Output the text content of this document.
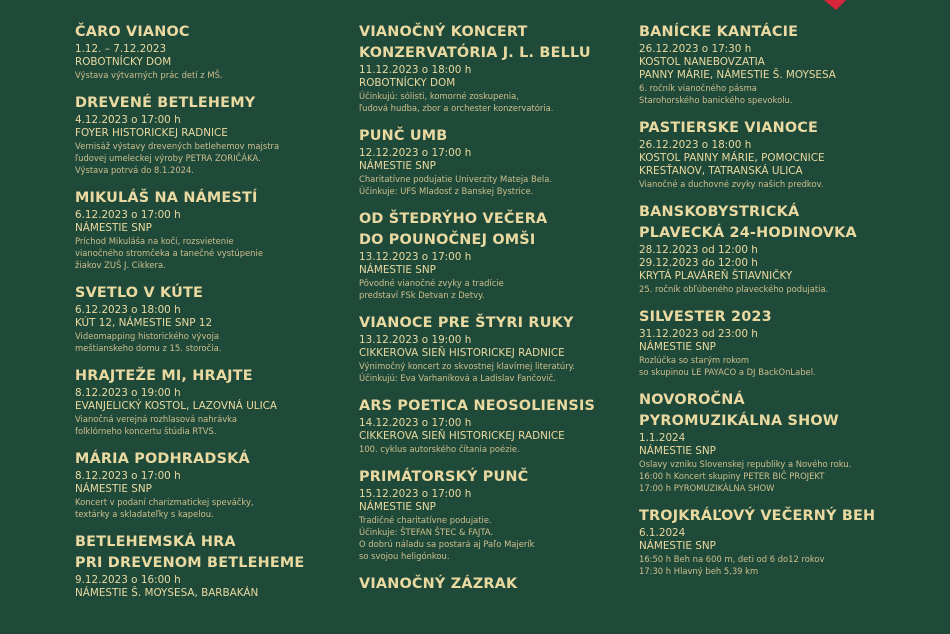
ČARO VIANOC
1.12. – 7.12.2023
ROBOTNÍCKY DOM
Výstava výtvarných prác detí z MŠ.
DREVENÉ BETLEHEMY
4.12.2023 o 17:00 h
FOYER HISTORICKEJ RADNICE
Vernisáž výstavy drevených betlehemov majstra
ľudovej umeleckej výroby PETRA ZORIČÁKA.
Výstava potrvá do 8.1.2024.
MIKULÁŠ NA NÁMESTÍ
6.12.2023 o 17:00 h
NÁMESTIE SNP
Príchod Mikuláša na koči, rozsvietenie
vianočného stromčeka a tanečné vystúpenie
žiakov ZUŠ J. Cikkera.
SVETLO V KÚTE
6.12.2023 o 18:00 h
KÚT 12, NÁMESTIE SNP 12
Videomapping historického vývoja
meštianskeho domu z 15. storočia.
HRAJTEŽE MI, HRAJTE
8.12.2023 o 19:00 h
EVANJELICKÝ KOSTOL, LAZOVNÁ ULICA
Vianočná verejná rozhlasová nahrávka
folklórneho koncertu štúdia RTVS.
MÁRIA PODHRADSKÁ
8.12.2023 o 17:00 h
NÁMESTIE SNP
Koncert v podaní charizmatickej speváčky,
textárky a skladateľky s kapelou.
BETLEHEMSKÁ HRA
PRI DREVENOM BETLEHEME
9.12.2023 o 16:00 h
NÁMESTIE Š. MOYSESA, BARBAKÁN
VIANOČNÝ KONCERT
KONZERVATÓRIA J. L. BELLU
11.12.2023 o 18:00 h
ROBOTNÍCKY DOM
Účinkujú: sólisti, komorné zoskupenia,
ľudová hudba, zbor a orchester konzervatória.
PUNČ UMB
12.12.2023 o 17:00 h
NÁMESTIE SNP
Charitatívne podujatie Univerzity Mateja Bela.
Účinkuje: UFS Mladosť z Banskej Bystrice.
OD ŠTEDRÝHO VEČERA
DO POUNOČNEJ OMŠI
13.12.2023 o 17:00 h
NÁMESTIE SNP
Pôvodné vianočné zvyky a tradície
predstaví FSk Detvan z Detvy.
VIANOCE PRE ŠTYRI RUKY
13.12.2023 o 19:00 h
CIKKEROVA SIEŇ HISTORICKEJ RADNICE
Výnimočný koncert zo skvostnej klavírnej literatúry.
Účinkujú: Eva Varhaníková a Ladislav Fančovič.
ARS POETICA NEOSOLIENSIS
14.12.2023 o 17:00 h
CIKKEROVA SIEŇ HISTORICKEJ RADNICE
100. cyklus autorského čítania poézie.
PRIMÁTORSKÝ PUNČ
15.12.2023 o 17:00 h
NÁMESTIE SNP
Tradičné charitatívne podujatie.
Účinkuje: ŠTEFAN ŠTEC & FAJTA.
O dobrú náladu sa postará aj Paľo Majerík
so svojou heligónkou.
VIANOČNÝ ZÁZRAK
BANÍCKE KANTÁCIE
26.12.2023 o 17:30 h
KOSTOL NANEBOVZATIA
PANNY MÁRIE, NÁMESTIE Š. MOYSESA
6. ročník vianočného pásma
Starohorského banického spevokolu.
PASTIERSKE VIANOCE
26.12.2023 o 18:00 h
KOSTOL PANNY MÁRIE, POMOCNICE
KRESŤANOV, TATRANSKÁ ULICA
Vianočné a duchovné zvyky našich predkov.
BANSKOBYSTRICKÁ
PLAVECKÁ 24-HODINOVKA
28.12.2023 od 12:00 h
29.12.2023 do 12:00 h
KRYTÁ PLAVÁREŇ ŠTIAVNIČKY
25. ročník obľúbeného plaveckého podujatia.
SILVESTER 2023
31.12.2023 od 23:00 h
NÁMESTIE SNP
Rozlúčka so starým rokom
so skupinou LE PAYACO a DJ BackOnLabel.
NOVOROČNÁ
PYROMUZIKÁLNA SHOW
1.1.2024
NÁMESTIE SNP
Oslavy vzniku Slovenskej republiky a Nového roku.
16:00 h Koncert skupiny PETER BIČ PROJEKT
17:00 h PYROMUZIKÁLNA SHOW
TROJKRÁĽOVÝ VEČERNÝ BEH
6.1.2024
NÁMESTIE SNP
16:50 h Beh na 600 m, deti od 6 do12 rokov
17:30 h Hlavný beh 5,39 km
